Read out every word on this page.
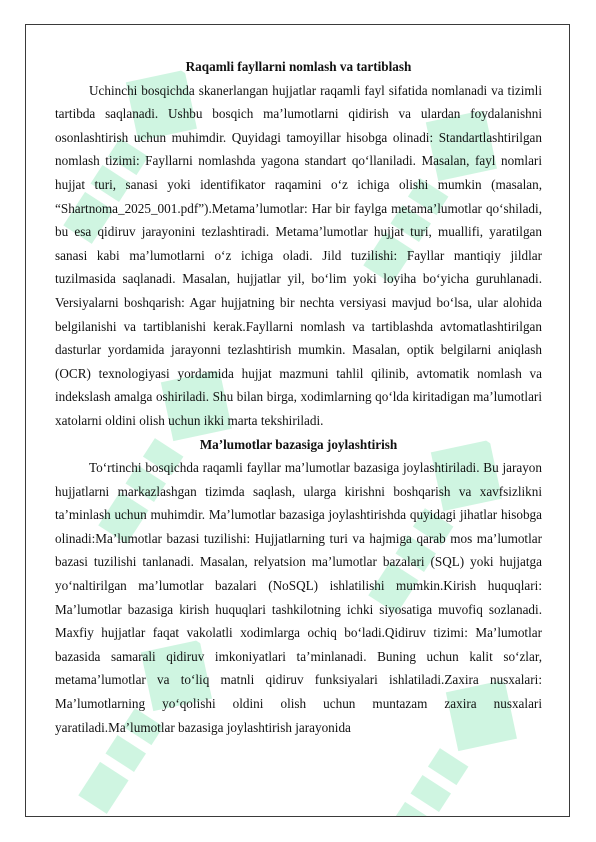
Raqamli fayllarni nomlash va tartiblash

Uchinchi bosqichda skanerlangan hujjatlar raqamli fayl sifatida nomlanadi va tizimli tartibda saqlanadi. Ushbu bosqich ma’lumotlarni qidirish va ulardan foydalanishni osonlashtirish uchun muhimdir. Quyidagi tamoyillar hisobga olinadi: Standartlashtirilgan nomlash tizimi: Fayllarni nomlashda yagona standart qo‘llaniladi. Masalan, fayl nomlari hujjat turi, sanasi yoki identifikator raqamini o‘z ichiga olishi mumkin (masalan, “Shartnoma_2025_001.pdf”).Metama’lumotlar: Har bir faylga metama’lumotlar qo‘shiladi, bu esa qidiruv jarayonini tezlashtiradi. Metama’lumotlar hujjat turi, muallifi, yaratilgan sanasi kabi ma’lumotlarni o‘z ichiga oladi. Jild tuzilishi: Fayllar mantiqiy jildlar tuzilmasida saqlanadi. Masalan, hujjatlar yil, bo‘lim yoki loyiha bo‘yicha guruhlanadi. Versiyalarni boshqarish: Agar hujjatning bir nechta versiyasi mavjud bo‘lsa, ular alohida belgilanishi va tartiblanishi kerak.Fayllarni nomlash va tartiblashda avtomatlashtirilgan dasturlar yordamida jarayonni tezlashtirish mumkin. Masalan, optik belgilarni aniqlash (OCR) texnologiyasi yordamida hujjat mazmuni tahlil qilinib, avtomatik nomlash va indekslash amalga oshiriladi. Shu bilan birga, xodimlarning qo‘lda kiritadigan ma’lumotlari xatolarni oldini olish uchun ikki marta tekshiriladi.

Ma’lumotlar bazasiga joylashtirish

To‘rtinchi bosqichda raqamli fayllar ma’lumotlar bazasiga joylashtiriladi. Bu jarayon hujjatlarni markazlashgan tizimda saqlash, ularga kirishni boshqarish va xavfsizlikni ta’minlash uchun muhimdir. Ma’lumotlar bazasiga joylashtirishda quyidagi jihatlar hisobga olinadi:Ma’lumotlar bazasi tuzilishi: Hujjatlarning turi va hajmiga qarab mos ma’lumotlar bazasi tuzilishi tanlanadi. Masalan, relyatsion ma’lumotlar bazalari (SQL) yoki hujjatga yo‘naltirilgan ma’lumotlar bazalari (NoSQL) ishlatilishi mumkin.Kirish huquqlari: Ma’lumotlar bazasiga kirish huquqlari tashkilotning ichki siyosatiga muvofiq sozlanadi. Maxfiy hujjatlar faqat vakolatli xodimlarga ochiq bo‘ladi.Qidiruv tizimi: Ma’lumotlar bazasida samarali qidiruv imkoniyatlari ta’minlanadi. Buning uchun kalit so‘zlar, metama’lumotlar va to‘liq matnli qidiruv funksiyalari ishlatiladi.Zaxira nusxalari: Ma’lumotlarning yo‘qolishi oldini olish uchun muntazam zaxira nusxalari yaratiladi.Ma’lumotlar bazasiga joylashtirish jarayonida
